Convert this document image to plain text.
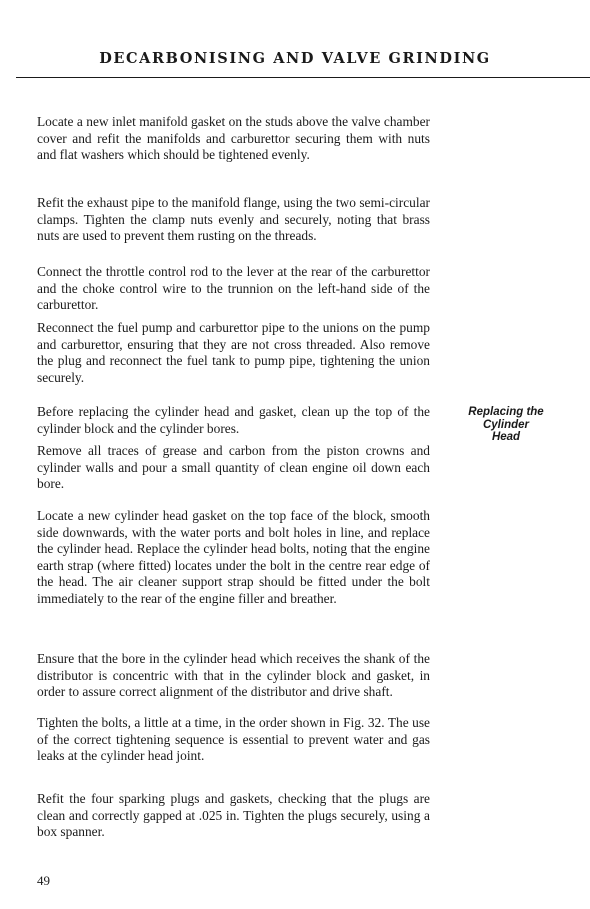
DECARBONISING AND VALVE GRINDING

Locate a new inlet manifold gasket on the studs above the valve chamber cover and refit the manifolds and carburettor securing them with nuts and flat washers which should be tightened evenly.

Refit the exhaust pipe to the manifold flange, using the two semi-circular clamps. Tighten the clamp nuts evenly and securely, noting that brass nuts are used to prevent them rusting on the threads.

Connect the throttle control rod to the lever at the rear of the carburettor and the choke control wire to the trunnion on the left-hand side of the carburettor.

Reconnect the fuel pump and carburettor pipe to the unions on the pump and carburettor, ensuring that they are not cross threaded. Also remove the plug and reconnect the fuel tank to pump pipe, tightening the union securely.

Replacing the
Cylinder
Head

Before replacing the cylinder head and gasket, clean up the top of the cylinder block and the cylinder bores.

Remove all traces of grease and carbon from the piston crowns and cylinder walls and pour a small quantity of clean engine oil down each bore.

Locate a new cylinder head gasket on the top face of the block, smooth side downwards, with the water ports and bolt holes in line, and replace the cylinder head. Replace the cylinder head bolts, noting that the engine earth strap (where fitted) locates under the bolt in the centre rear edge of the head. The air cleaner support strap should be fitted under the bolt immediately to the rear of the engine filler and breather.

Ensure that the bore in the cylinder head which receives the shank of the distributor is concentric with that in the cylinder block and gasket, in order to assure correct alignment of the distributor and drive shaft.

Tighten the bolts, a little at a time, in the order shown in Fig. 32. The use of the correct tightening sequence is essential to prevent water and gas leaks at the cylinder head joint.

Refit the four sparking plugs and gaskets, checking that the plugs are clean and correctly gapped at .025 in. Tighten the plugs securely, using a box spanner.

49
